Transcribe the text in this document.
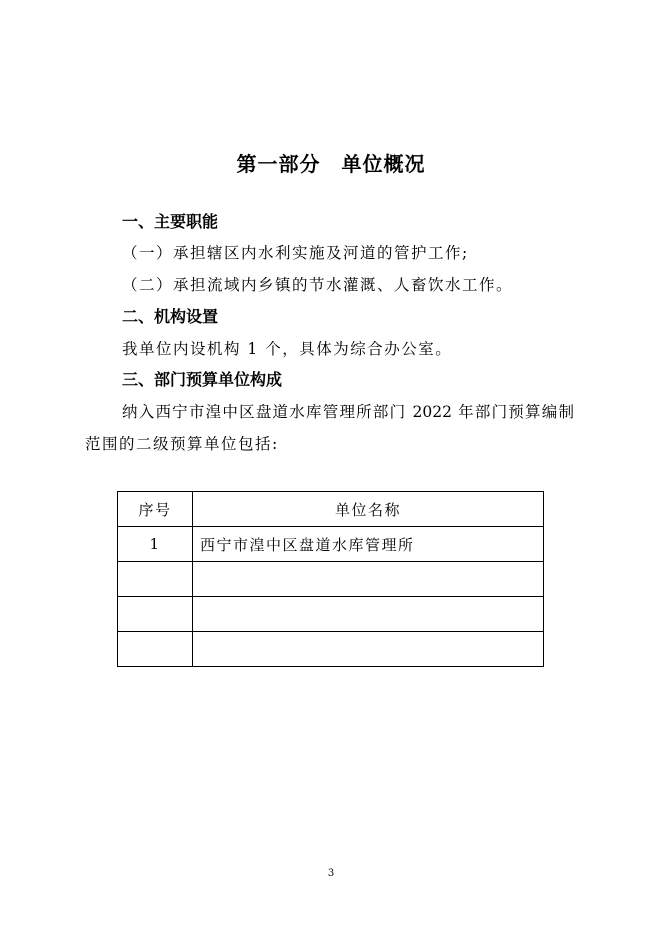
第一部分　单位概况
一、主要职能
（一）承担辖区内水利实施及河道的管护工作;
（二）承担流域内乡镇的节水灌溉、人畜饮水工作。
二、机构设置
我单位内设机构 1 个，具体为综合办公室。
三、部门预算单位构成
纳入西宁市湟中区盘道水库管理所部门 2022 年部门预算编制
范围的二级预算单位包括:
序号	单位名称
1	西宁市湟中区盘道水库管理所

3
